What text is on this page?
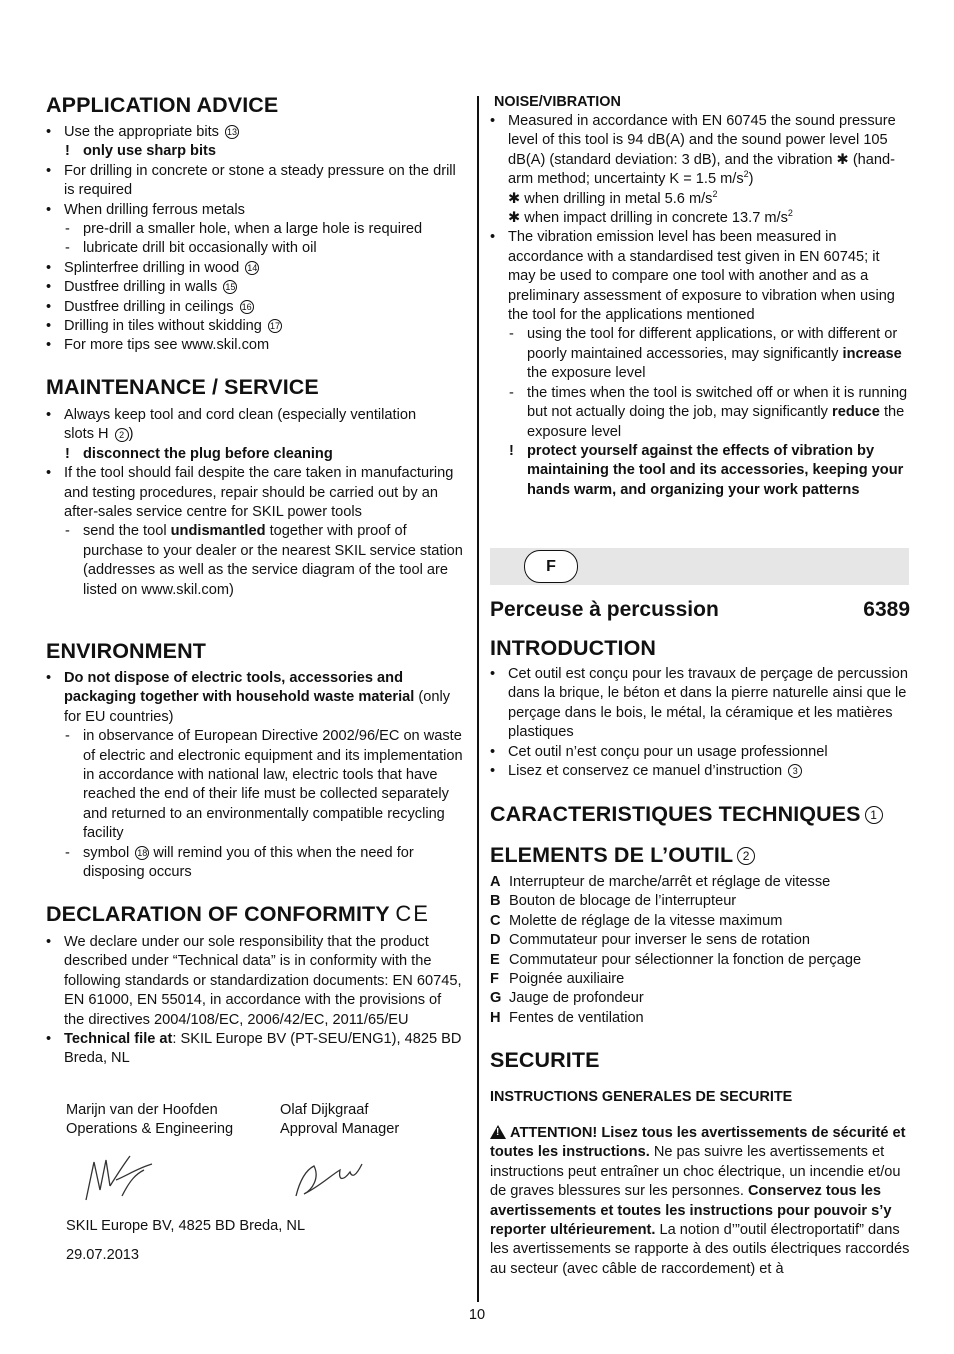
APPLICATION ADVICE
• Use the appropriate bits 13
! only use sharp bits
• For drilling in concrete or stone a steady pressure on the drill is required
• When drilling ferrous metals
- pre-drill a smaller hole, when a large hole is required
- lubricate drill bit occasionally with oil
• Splinterfree drilling in wood 14
• Dustfree drilling in walls 15
• Dustfree drilling in ceilings 16
• Drilling in tiles without skidding 17
• For more tips see www.skil.com
MAINTENANCE / SERVICE
• Always keep tool and cord clean (especially ventilation
slots H 2 )
! disconnect the plug before cleaning
• If the tool should fail despite the care taken in manufacturing and testing procedures, repair should be carried out by an after-sales service centre for SKIL power tools
- send the tool undismantled together with proof of purchase to your dealer or the nearest SKIL service station (addresses as well as the service diagram of the tool are listed on www.skil.com)
ENVIRONMENT
• Do not dispose of electric tools, accessories and packaging together with household waste material (only for EU countries)
- in observance of European Directive 2002/96/EC on waste of electric and electronic equipment and its implementation in accordance with national law, electric tools that have reached the end of their life must be collected separately and returned to an environmentally compatible recycling facility
- symbol 18 will remind you of this when the need for disposing occurs
DECLARATION OF CONFORMITY CE
• We declare under our sole responsibility that the product described under “Technical data” is in conformity with the following standards or standardization documents: EN 60745, EN 61000, EN 55014, in accordance with the provisions of the directives 2004/108/EC, 2006/42/EC, 2011/65/EU
• Technical file at: SKIL Europe BV (PT-SEU/ENG1), 4825 BD Breda, NL
Marijn van der Hoofden
Operations & Engineering
Olaf Dijkgraaf
Approval Manager
SKIL Europe BV, 4825 BD Breda, NL
29.07.2013
NOISE/VIBRATION
• Measured in accordance with EN 60745 the sound pressure level of this tool is 94 dB(A) and the sound power level 105 dB(A) (standard deviation: 3 dB), and the vibration ✱ (hand-arm method; uncertainty K = 1.5 $m/s^2$)
✱ when drilling in metal 5.6 $m/s^2$
✱ when impact drilling in concrete 13.7 $m/s^2$
• The vibration emission level has been measured in accordance with a standardised test given in EN 60745; it may be used to compare one tool with another and as a preliminary assessment of exposure to vibration when using the tool for the applications mentioned
- using the tool for different applications, or with different or poorly maintained accessories, may significantly increase the exposure level
- the times when the tool is switched off or when it is running but not actually doing the job, may significantly reduce the exposure level
! protect yourself against the effects of vibration by maintaining the tool and its accessories, keeping your hands warm, and organizing your work patterns
F
Perceuse à percussion	6389
INTRODUCTION
• Cet outil est conçu pour les travaux de perçage de percussion dans la brique, le béton et dans la pierre naturelle ainsi que le perçage dans le bois, le métal, la céramique et les matières plastiques
• Cet outil n’est conçu pour un usage professionnel
• Lisez et conservez ce manuel d’instruction 3
CARACTERISTIQUES TECHNIQUES 1
ELEMENTS DE L’OUTIL 2
A Interrupteur de marche/arrêt et réglage de vitesse
B Bouton de blocage de l’interrupteur
C Molette de réglage de la vitesse maximum
D Commutateur pour inverser le sens de rotation
E Commutateur pour sélectionner la fonction de perçage
F Poignée auxiliaire
G Jauge de profondeur
H Fentes de ventilation
SECURITE
INSTRUCTIONS GENERALES DE SECURITE
! ATTENTION! Lisez tous les avertissements de sécurité et toutes les instructions. Ne pas suivre les avertissements et instructions peut entraîner un choc électrique, un incendie et/ou de graves blessures sur les personnes. Conservez tous les avertissements et toutes les instructions pour pouvoir s’y reporter ultérieurement. La notion d’”outil électroportatif” dans les avertissements se rapporte à des outils électriques raccordés au secteur (avec câble de raccordement) et à
10
